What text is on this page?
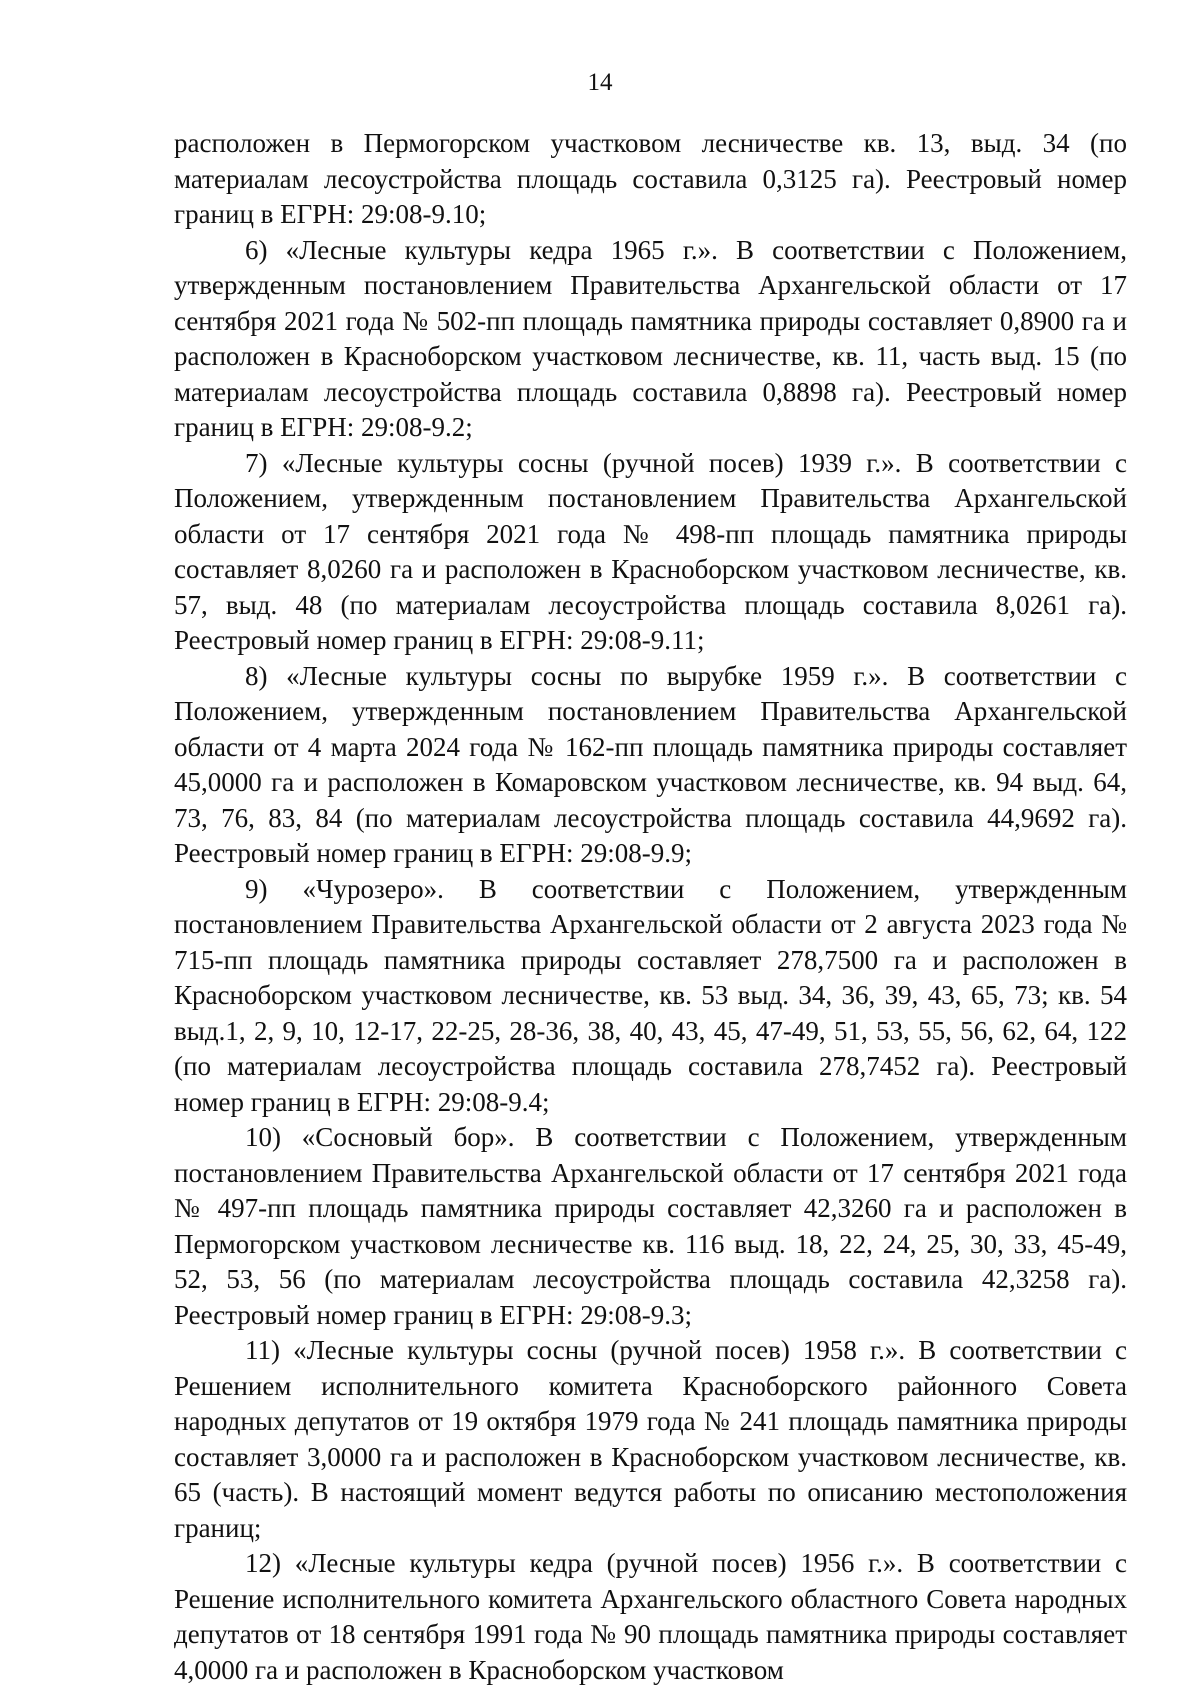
14

расположен в Пермогорском участковом лесничестве кв. 13, выд. 34 (по материалам лесоустройства площадь составила 0,3125 га). Реестровый номер границ в ЕГРН: 29:08-9.10;

6) «Лесные культуры кедра 1965 г.». В соответствии с Положением, утвержденным постановлением Правительства Архангельской области от 17 сентября 2021 года № 502-пп площадь памятника природы составляет 0,8900 га и расположен в Красноборском участковом лесничестве, кв. 11, часть выд. 15 (по материалам лесоустройства площадь составила 0,8898 га). Реестровый номер границ в ЕГРН: 29:08-9.2;

7) «Лесные культуры сосны (ручной посев) 1939 г.». В соответствии с Положением, утвержденным постановлением Правительства Архангельской области от 17 сентября 2021 года № 498-пп площадь памятника природы составляет 8,0260 га и расположен в Красноборском участковом лесничестве, кв. 57, выд. 48 (по материалам лесоустройства площадь составила 8,0261 га). Реестровый номер границ в ЕГРН: 29:08-9.11;

8) «Лесные культуры сосны по вырубке 1959 г.». В соответствии с Положением, утвержденным постановлением Правительства Архангельской области от 4 марта 2024 года № 162-пп площадь памятника природы составляет 45,0000 га и расположен в Комаровском участковом лесничестве, кв. 94 выд. 64, 73, 76, 83, 84 (по материалам лесоустройства площадь составила 44,9692 га). Реестровый номер границ в ЕГРН: 29:08-9.9;

9) «Чурозеро». В соответствии с Положением, утвержденным постановлением Правительства Архангельской области от 2 августа 2023 года № 715-пп площадь памятника природы составляет 278,7500 га и расположен в Красноборском участковом лесничестве, кв. 53 выд. 34, 36, 39, 43, 65, 73; кв. 54 выд.1, 2, 9, 10, 12-17, 22-25, 28-36, 38, 40, 43, 45, 47-49, 51, 53, 55, 56, 62, 64, 122 (по материалам лесоустройства площадь составила 278,7452 га). Реестровый номер границ в ЕГРН: 29:08-9.4;

10) «Сосновый бор». В соответствии с Положением, утвержденным постановлением Правительства Архангельской области от 17 сентября 2021 года № 497-пп площадь памятника природы составляет 42,3260 га и расположен в Пермогорском участковом лесничестве кв. 116 выд. 18, 22, 24, 25, 30, 33, 45-49, 52, 53, 56 (по материалам лесоустройства площадь составила 42,3258 га). Реестровый номер границ в ЕГРН: 29:08-9.3;

11) «Лесные культуры сосны (ручной посев) 1958 г.». В соответствии с Решением исполнительного комитета Красноборского районного Совета народных депутатов от 19 октября 1979 года № 241 площадь памятника природы составляет 3,0000 га и расположен в Красноборском участковом лесничестве, кв. 65 (часть). В настоящий момент ведутся работы по описанию местоположения границ;

12) «Лесные культуры кедра (ручной посев) 1956 г.». В соответствии с Решение исполнительного комитета Архангельского областного Совета народных депутатов от 18 сентября 1991 года № 90 площадь памятника природы составляет 4,0000 га и расположен в Красноборском участковом
